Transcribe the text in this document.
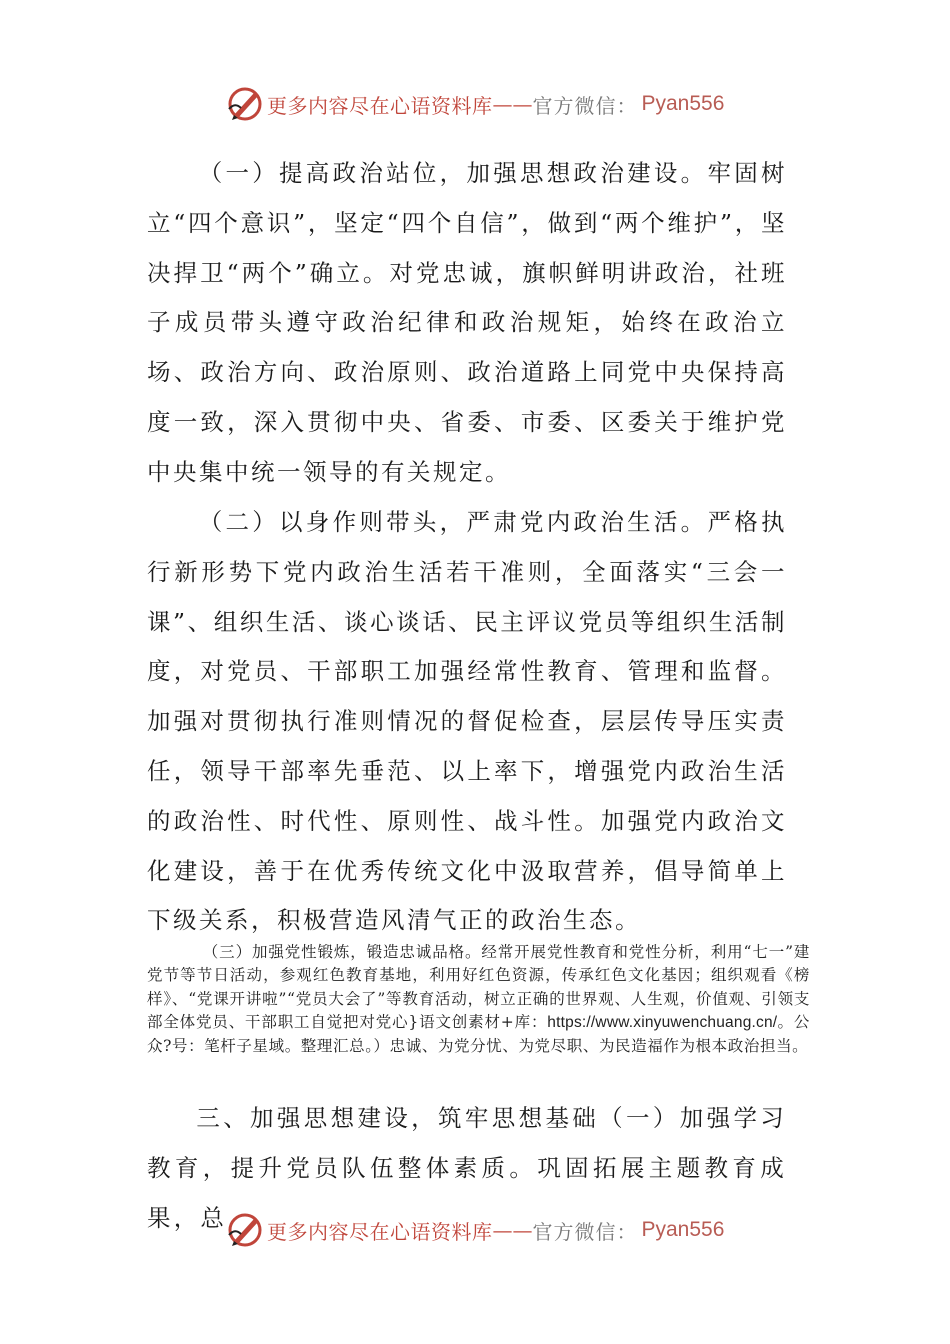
更多内容尽在心语资料库 —— 官方微信： Pyan556

（一）提高政治站位，加强思想政治建设。牢固树立“四个意识”，坚定“四个自信”，做到“两个维护”，坚决捍卫“两个”确立。对党忠诚，旗帜鲜明讲政治，社班子成员带头遵守政治纪律和政治规矩，始终在政治立场、政治方向、政治原则、政治道路上同党中央保持高度一致，深入贯彻中央、省委、市委、区委关于维护党中央集中统一领导的有关规定。

（二）以身作则带头，严肃党内政治生活。严格执行新形势下党内政治生活若干准则，全面落实“三会一课”、组织生活、谈心谈话、民主评议党员等组织生活制度，对党员、干部职工加强经常性教育、管理和监督。加强对贯彻执行准则情况的督促检查，层层传导压实责任，领导干部率先垂范、以上率下，增强党内政治生活的政治性、时代性、原则性、战斗性。加强党内政治文化建设，善于在优秀传统文化中汲取营养，倡导简单上下级关系，积极营造风清气正的政治生态。

（三）加强党性锻炼，锻造忠诚品格。经常开展党性教育和党性分析，利用“七一”建党节等节日活动，参观红色教育基地，利用好红色资源，传承红色文化基因；组织观看《榜样》、“党课开讲啦”“党员大会了”等教育活动，树立正确的世界观、人生观，价值观、引领支部全体党员、干部职工自觉把对党心}语文创素材+库：https://www.xinyuwenchuang.cn/。公众?号：笔杆子星域。整理汇总。）忠诚、为党分忧、为党尽职、为民造福作为根本政治担当。

三、加强思想建设，筑牢思想基础（一）加强学习教育，提升党员队伍整体素质。巩固拓展主题教育成果，总	更多内容尽在心语资料库 —— 官方微信： Pyan556
